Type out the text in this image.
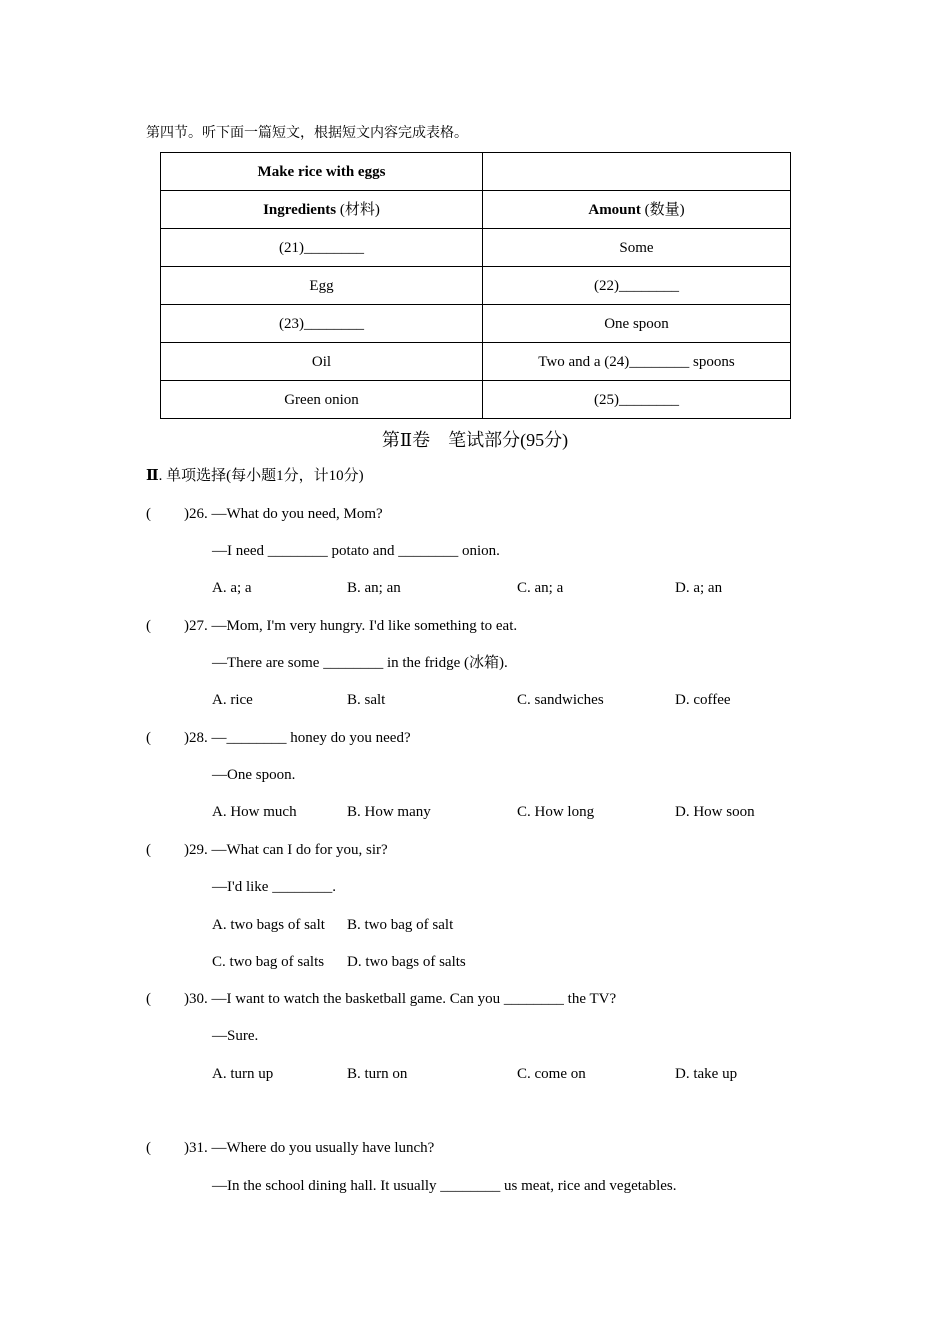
第四节。听下面一篇短文，根据短文内容完成表格。
Make rice with eggs	
Ingredients (材料)	Amount (数量)
(21)________	Some
Egg	(22)________
(23)________	One spoon
Oil	Two and a (24)________ spoons
Green onion	(25)________
第Ⅱ卷　笔试部分(95分)
Ⅱ. 单项选择(每小题1分，计10分)
( )26. —What do you need, Mom?
—I need ________ potato and ________ onion.
A. a; a	B. an; an	C. an; a	D. a; an
( )27. —Mom, I'm very hungry. I'd like something to eat.
—There are some ________ in the fridge (冰箱).
A. rice	B. salt	C. sandwiches	D. coffee
( )28. —________ honey do you need?
—One spoon.
A. How much	B. How many	C. How long	D. How soon
( )29. —What can I do for you, sir?
—I'd like ________.
A. two bags of salt B. two bag of salt
C. two bag of salts D. two bags of salts
( )30. —I want to watch the basketball game. Can you ________ the TV?
—Sure.
A. turn up	B. turn on	C. come on	D. take up
( )31. —Where do you usually have lunch?
—In the school dining hall. It usually ________ us meat, rice and vegetables.
